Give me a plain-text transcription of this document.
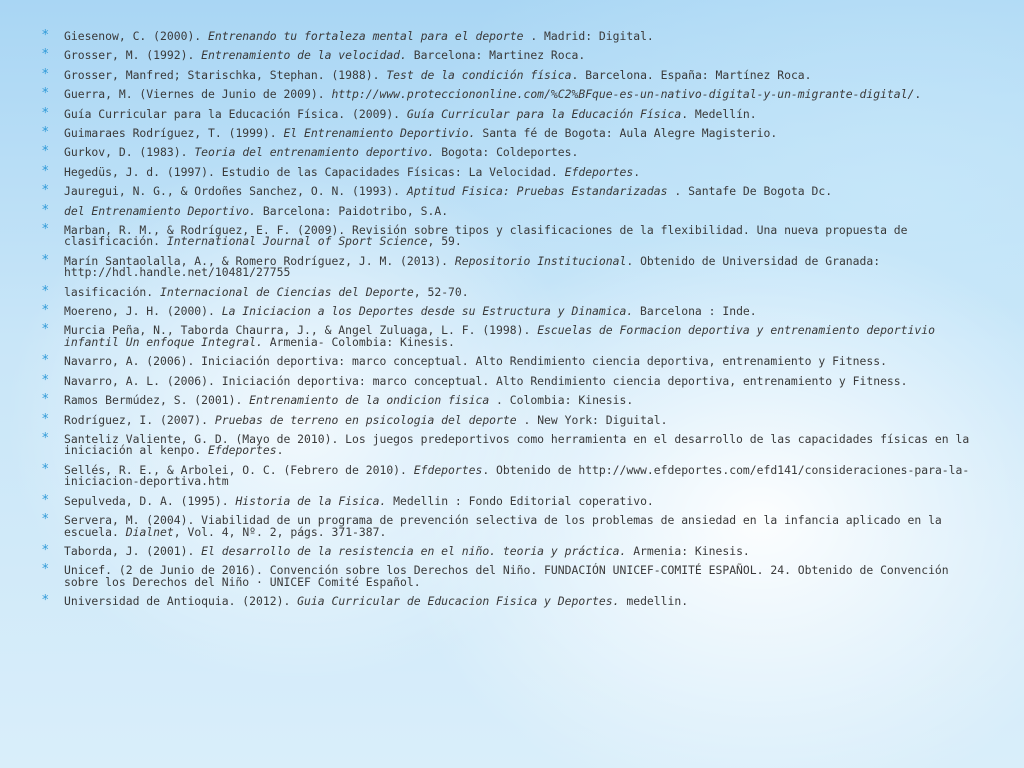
* Giesenow, C. (2000). Entrenando tu fortaleza mental para el deporte . Madrid: Digital.
* Grosser, M. (1992). Entrenamiento de la velocidad. Barcelona: Martinez Roca.
* Grosser, Manfred; Starischka, Stephan. (1988). Test de la condición física. Barcelona. España: Martínez Roca.
* Guerra, M. (Viernes de Junio de 2009). http://www.protecciononline.com/%C2%BFque-es-un-nativo-digital-y-un-migrante-digital/.
* Guía Curricular para la Educación Física. (2009). Guía Curricular para la Educación Física. Medellín.
* Guimaraes Rodríguez, T. (1999). El Entrenamiento Deportivio. Santa fé de Bogota: Aula Alegre Magisterio.
* Gurkov, D. (1983). Teoria del entrenamiento deportivo. Bogota: Coldeportes.
* Hegedüs, J. d. (1997). Estudio de las Capacidades Físicas: La Velocidad. Efdeportes.
* Jauregui, N. G., & Ordoñes Sanchez, O. N. (1993). Aptitud Fisica: Pruebas Estandarizadas . Santafe De Bogota Dc.
* del Entrenamiento Deportivo. Barcelona: Paidotribo, S.A.
* Marban, R. M., & Rodríguez, E. F. (2009). Revisión sobre tipos y clasificaciones de la flexibilidad. Una nueva propuesta de clasificación. International Journal of Sport Science, 59.
* Marín Santaolalla, A., & Romero Rodríguez, J. M. (2013). Repositorio Institucional. Obtenido de Universidad de Granada: http://hdl.handle.net/10481/27755
* lasificación. Internacional de Ciencias del Deporte, 52-70.
* Moereno, J. H. (2000). La Iniciacion a los Deportes desde su Estructura y Dinamica. Barcelona : Inde.
* Murcia Peña, N., Taborda Chaurra, J., & Angel Zuluaga, L. F. (1998). Escuelas de Formacion deportiva y entrenamiento deportivio infantil Un enfoque Integral. Armenia- Colombia: Kinesis.
* Navarro, A. (2006). Iniciación deportiva: marco conceptual. Alto Rendimiento ciencia deportiva, entrenamiento y Fitness.
* Navarro, A. L. (2006). Iniciación deportiva: marco conceptual. Alto Rendimiento ciencia deportiva, entrenamiento y Fitness.
* Ramos Bermúdez, S. (2001). Entrenamiento de la ondicion fisica . Colombia: Kinesis.
* Rodríguez, I. (2007). Pruebas de terreno en psicologia del deporte . New York: Diguital.
* Santeliz Valiente, G. D. (Mayo de 2010). Los juegos predeportivos como herramienta en el desarrollo de las capacidades físicas en la iniciación al kenpo. Efdeportes.
* Sellés, R. E., & Arbolei, O. C. (Febrero de 2010). Efdeportes. Obtenido de http://www.efdeportes.com/efd141/consideraciones-para-la-iniciacion-deportiva.htm
* Sepulveda, D. A. (1995). Historia de la Fisica. Medellin : Fondo Editorial coperativo.
* Servera, M. (2004). Viabilidad de un programa de prevención selectiva de los problemas de ansiedad en la infancia aplicado en la escuela. Dialnet, Vol. 4, Nº. 2, págs. 371-387.
* Taborda, J. (2001). El desarrollo de la resistencia en el niño. teoria y práctica. Armenia: Kinesis.
* Unicef. (2 de Junio de 2016). Convención sobre los Derechos del Niño. FUNDACIÓN UNICEF-COMITÉ ESPAÑOL. 24. Obtenido de Convención sobre los Derechos del Niño · UNICEF Comité Español.
* Universidad de Antioquia. (2012). Guia Curricular de Educacion Fisica y Deportes. medellin.
